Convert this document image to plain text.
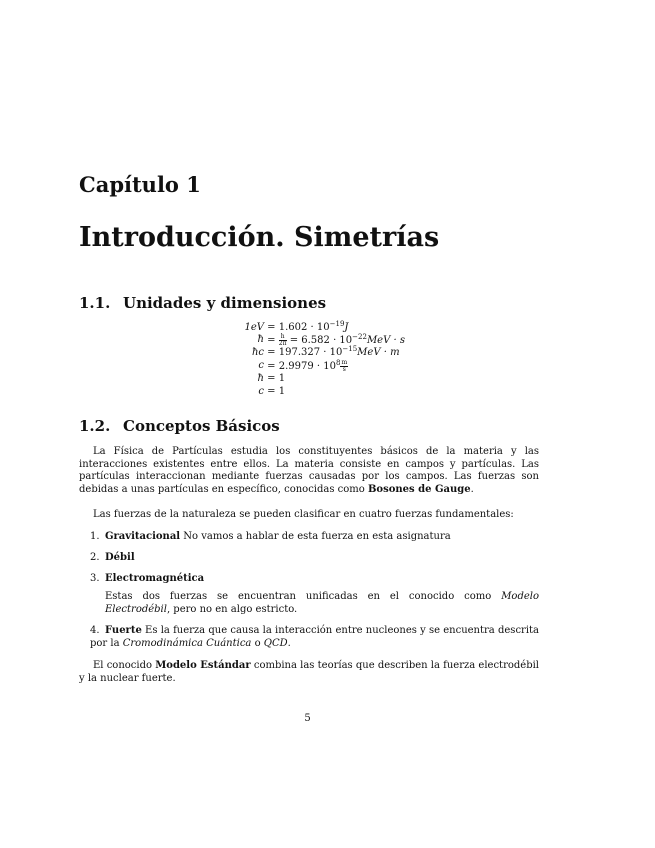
Capítulo 1
Introducción. Simetrías
1.1. Unidades y dimensiones
$1eV = 1.602 \cdot 10^{-19}J$
ħ = $\frac{h}{2\pi} = 6.582 \cdot 10^{-22}MeV \cdot s$
ħc = $197.327 \cdot 10^{-15}MeV \cdot m$
$c = 2.9979 \cdot 10^8 \frac{m}{s}$
ħ = 1
c = 1
1.2. Conceptos Básicos
La Física de Partículas estudia los constituyentes básicos de la materia y las interacciones existentes entre ellos. La materia consiste en campos y partículas. Las partículas interaccionan mediante fuerzas causadas por los campos. Las fuerzas son debidas a unas partículas en específico, conocidas como Bosones de Gauge.
Las fuerzas de la naturaleza se pueden clasificar en cuatro fuerzas fundamentales:
1. Gravitacional No vamos a hablar de esta fuerza en esta asignatura
2. Débil
3. Electromagnética
Estas dos fuerzas se encuentran unificadas en el conocido como Modelo Electrodébil, pero no en algo estricto.
4. Fuerte Es la fuerza que causa la interacción entre nucleones y se encuentra descrita por la Cromodinámica Cuántica o QCD.
El conocido Modelo Estándar combina las teorías que describen la fuerza electrodébil y la nuclear fuerte.
5
